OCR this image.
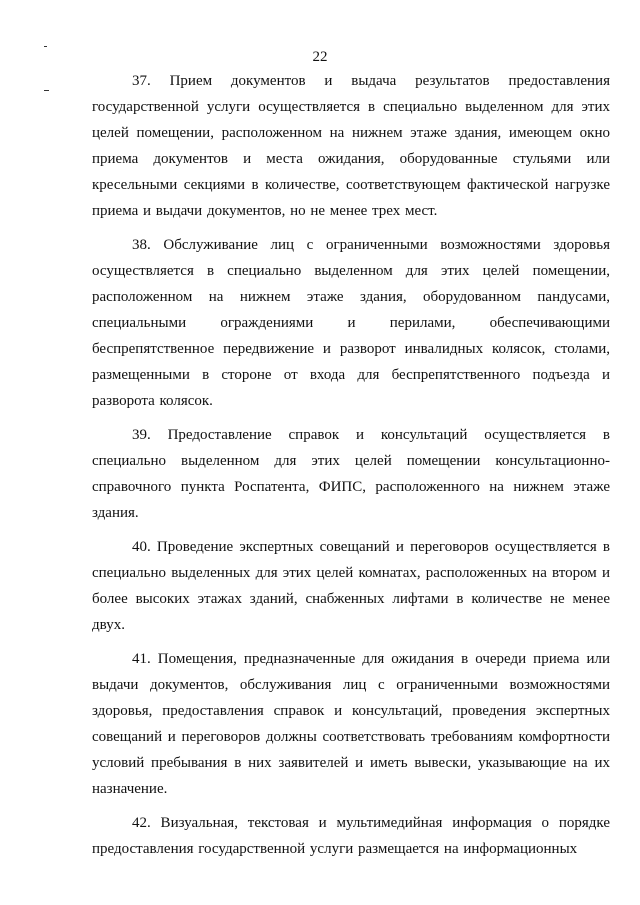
22

37. Прием документов и выдача результатов предоставления государственной услуги осуществляется в специально выделенном для этих целей помещении, расположенном на нижнем этаже здания, имеющем окно приема документов и места ожидания, оборудованные стульями или кресельными секциями в количестве, соответствующем фактической нагрузке приема и выдачи документов, но не менее трех мест.

38. Обслуживание лиц с ограниченными возможностями здоровья осуществляется в специально выделенном для этих целей помещении, расположенном на нижнем этаже здания, оборудованном пандусами, специальными ограждениями и перилами, обеспечивающими беспрепятственное передвижение и разворот инвалидных колясок, столами, размещенными в стороне от входа для беспрепятственного подъезда и разворота колясок.

39. Предоставление справок и консультаций осуществляется в специально выделенном для этих целей помещении консультационно-справочного пункта Роспатента, ФИПС, расположенного на нижнем этаже здания.

40. Проведение экспертных совещаний и переговоров осуществляется в специально выделенных для этих целей комнатах, расположенных на втором и более высоких этажах зданий, снабженных лифтами в количестве не менее двух.

41. Помещения, предназначенные для ожидания в очереди приема или выдачи документов, обслуживания лиц с ограниченными возможностями здоровья, предоставления справок и консультаций, проведения экспертных совещаний и переговоров должны соответствовать требованиям комфортности условий пребывания в них заявителей и иметь вывески, указывающие на их назначение.

42. Визуальная, текстовая и мультимедийная информация о порядке предоставления государственной услуги размещается на информационных
